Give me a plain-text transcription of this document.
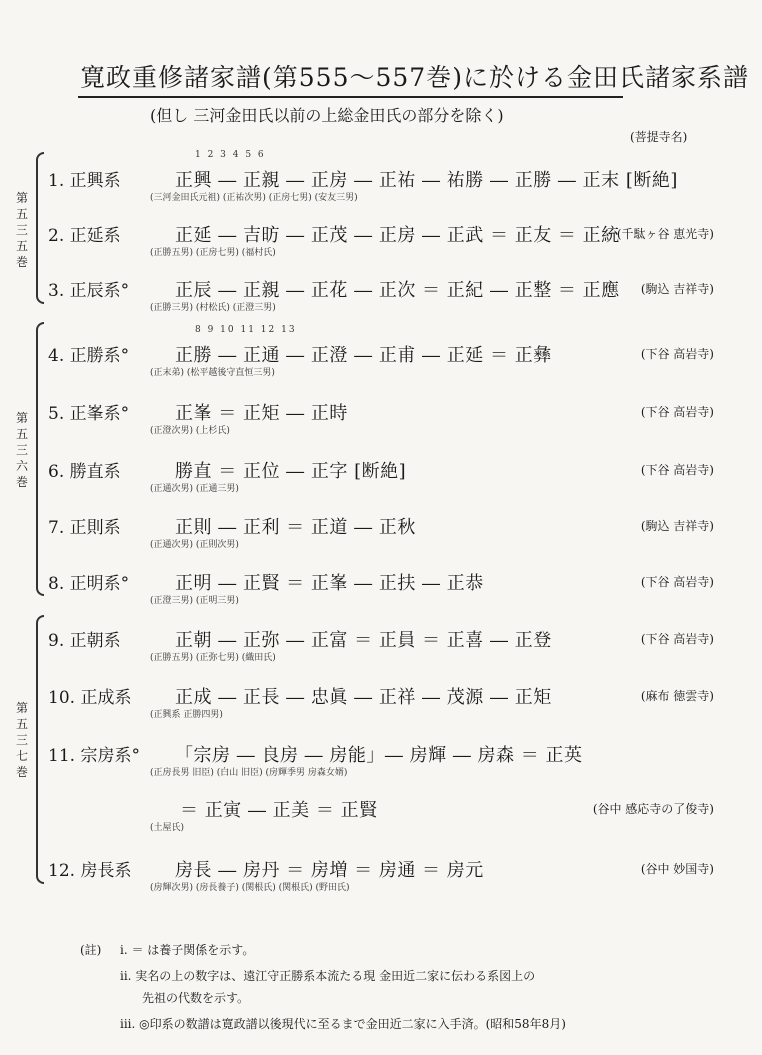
寛政重修諸家譜(第555～557巻)に於ける金田氏諸家系譜
(但し 三河金田氏以前の上総金田氏の部分を除く)
(菩提寺名)
第五三五巻
第五三六巻
第五三七巻
1 2 3 4 5 6
1. 正興系	正興 ― 正親 ― 正房 ― 正祐 ― 祐勝 ― 正勝 ― 正末 [断絶]
(三河金田氏元祖) (正祐次男) (正房七男) (安友三男)
2. 正延系	正延 ― 吉昉 ― 正茂 ― 正房 ― 正武 ＝ 正友 ＝ 正統
(正勝五男) (正房七男) (福村氏)
(千駄ヶ谷 恵光寺)
3. 正辰系°	正辰 ― 正親 ― 正花 ― 正次 ＝ 正紀 ― 正整 ＝ 正應
(正勝三男) (村松氏) (正澄三男)
(駒込 吉祥寺)
8 9 10 11 12 13
4. 正勝系°	正勝 ― 正通 ― 正澄 ― 正甫 ― 正延 ＝ 正彝
(正末弟) (松平越後守直恒三男)
(下谷 高岩寺)
5. 正峯系°	正峯 ＝ 正矩 ― 正時
(正澄次男) (上杉氏)
(下谷 高岩寺)
6. 勝直系	勝直 ＝ 正位 ― 正字 [断絶]
(正通次男) (正通三男)
(下谷 高岩寺)
7. 正則系	正則 ― 正利 ＝ 正道 ― 正秋
(正通次男) (正則次男)
(駒込 吉祥寺)
8. 正明系°	正明 ― 正賢 ＝ 正峯 ― 正扶 ― 正恭
(正澄三男) (正明三男)
(下谷 高岩寺)
9. 正朝系	正朝 ― 正弥 ― 正富 ＝ 正員 ＝ 正喜 ― 正登
(正勝五男) (正弥七男) (織田氏)
(下谷 高岩寺)
10. 正成系 正成 ― 正長 ― 忠眞 ― 正祥 ― 茂源 ― 正矩
(正興系 正勝四男)
(麻布 徳雲寺)
11. 宗房系° 「宗房 ― 良房 ― 房能」― 房輝 ― 房森 ＝ 正英
(正房長男 旧臣) (白山 旧臣) (房輝季男 房森女婿)
＝ 正寅 ― 正美 ＝ 正賢
(土屋氏)
(谷中 感応寺の了俊寺)
12. 房長系 房長 ― 房丹 ＝ 房増 ＝ 房通 ＝ 房元
(房輝次男) (房長養子) (関根氏) (関根氏) (野田氏)
(谷中 妙国寺)
(註) i. ＝ は養子関係を示す。
ii. 実名の上の数字は、遠江守正勝系本流たる現 金田近二家に伝わる系図上の
先祖の代数を示す。
iii. ◎印系の数譜は寛政譜以後現代に至るまで金田近二家に入手済。(昭和58年8月)
